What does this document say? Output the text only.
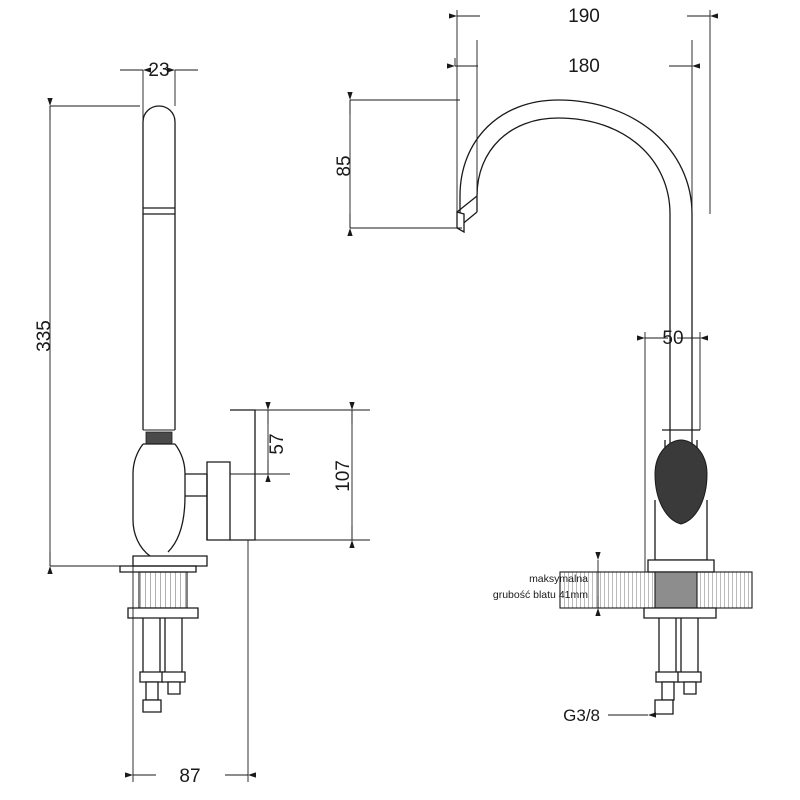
23
335
87
57
107
190
180
85
50
maksymalna
grubość blatu 41mm
G3/8
